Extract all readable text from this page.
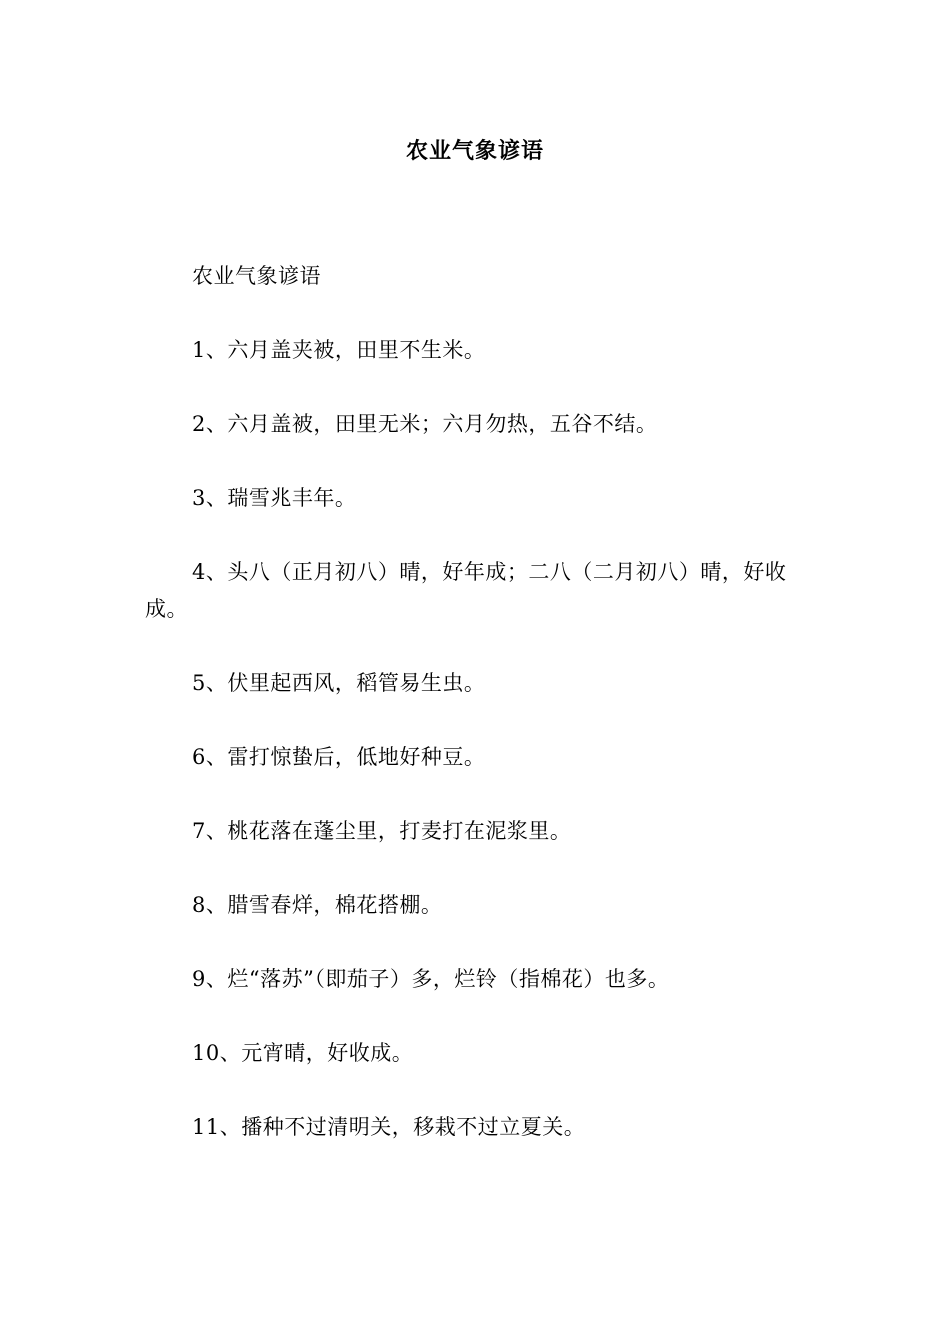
农业气象谚语

农业气象谚语

1、六月盖夹被，田里不生米。

2、六月盖被，田里无米；六月勿热，五谷不结。

3、瑞雪兆丰年。

4、头八（正月初八）晴，好年成；二八（二月初八）晴，好收成。

5、伏里起西风，稻管易生虫。

6、雷打惊蛰后，低地好种豆。

7、桃花落在蓬尘里，打麦打在泥浆里。

8、腊雪春烊，棉花搭棚。

9、烂“落苏”（即茄子）多，烂铃（指棉花）也多。

10、元宵晴，好收成。

11、播种不过清明关，移栽不过立夏关。
